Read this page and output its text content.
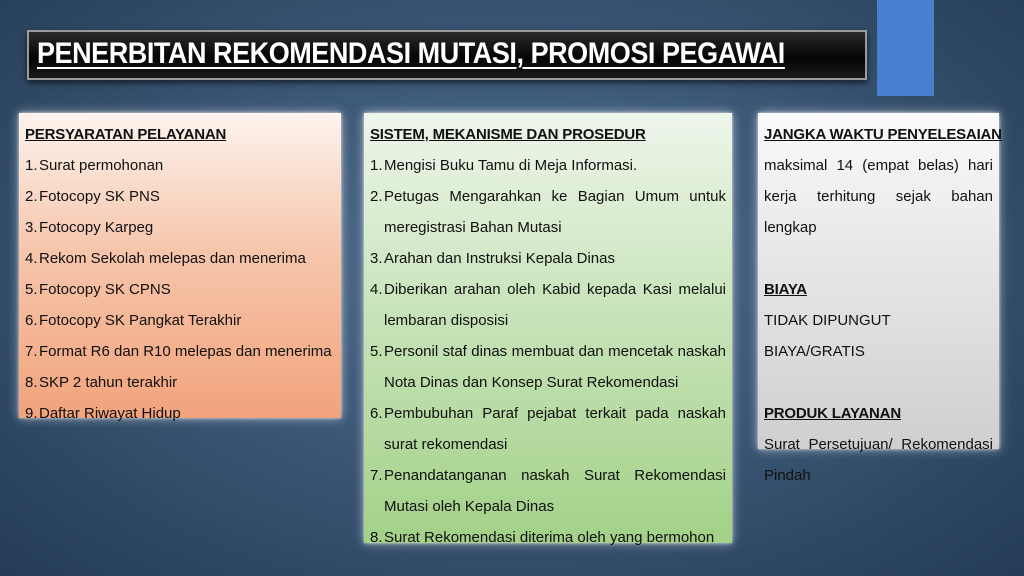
PENERBITAN REKOMENDASI MUTASI, PROMOSI PEGAWAI
PERSYARATAN PELAYANAN
1. Surat permohonan
2. Fotocopy SK PNS
3. Fotocopy Karpeg
4. Rekom Sekolah melepas dan menerima
5. Fotocopy SK CPNS
6. Fotocopy SK Pangkat Terakhir
7. Format R6 dan R10 melepas dan menerima
8. SKP 2 tahun terakhir
9. Daftar Riwayat Hidup
SISTEM, MEKANISME DAN PROSEDUR
1. Mengisi Buku Tamu di Meja Informasi.
2. Petugas Mengarahkan ke Bagian Umum untuk meregistrasi Bahan Mutasi
3. Arahan dan Instruksi Kepala Dinas
4. Diberikan arahan oleh Kabid kepada Kasi melalui lembaran disposisi
5. Personil staf dinas membuat dan mencetak naskah Nota Dinas dan Konsep Surat Rekomendasi
6. Pembubuhan Paraf pejabat terkait pada naskah surat rekomendasi
7. Penandatanganan naskah Surat Rekomendasi Mutasi oleh Kepala Dinas
8. Surat Rekomendasi diterima oleh yang bermohon
JANGKA WAKTU PENYELESAIAN

maksimal 14 (empat belas) hari kerja terhitung sejak bahan lengkap

BIAYA

TIDAK DIPUNGUT BIAYA/GRATIS

PRODUK LAYANAN

Surat Persetujuan/ Rekomendasi Pindah
